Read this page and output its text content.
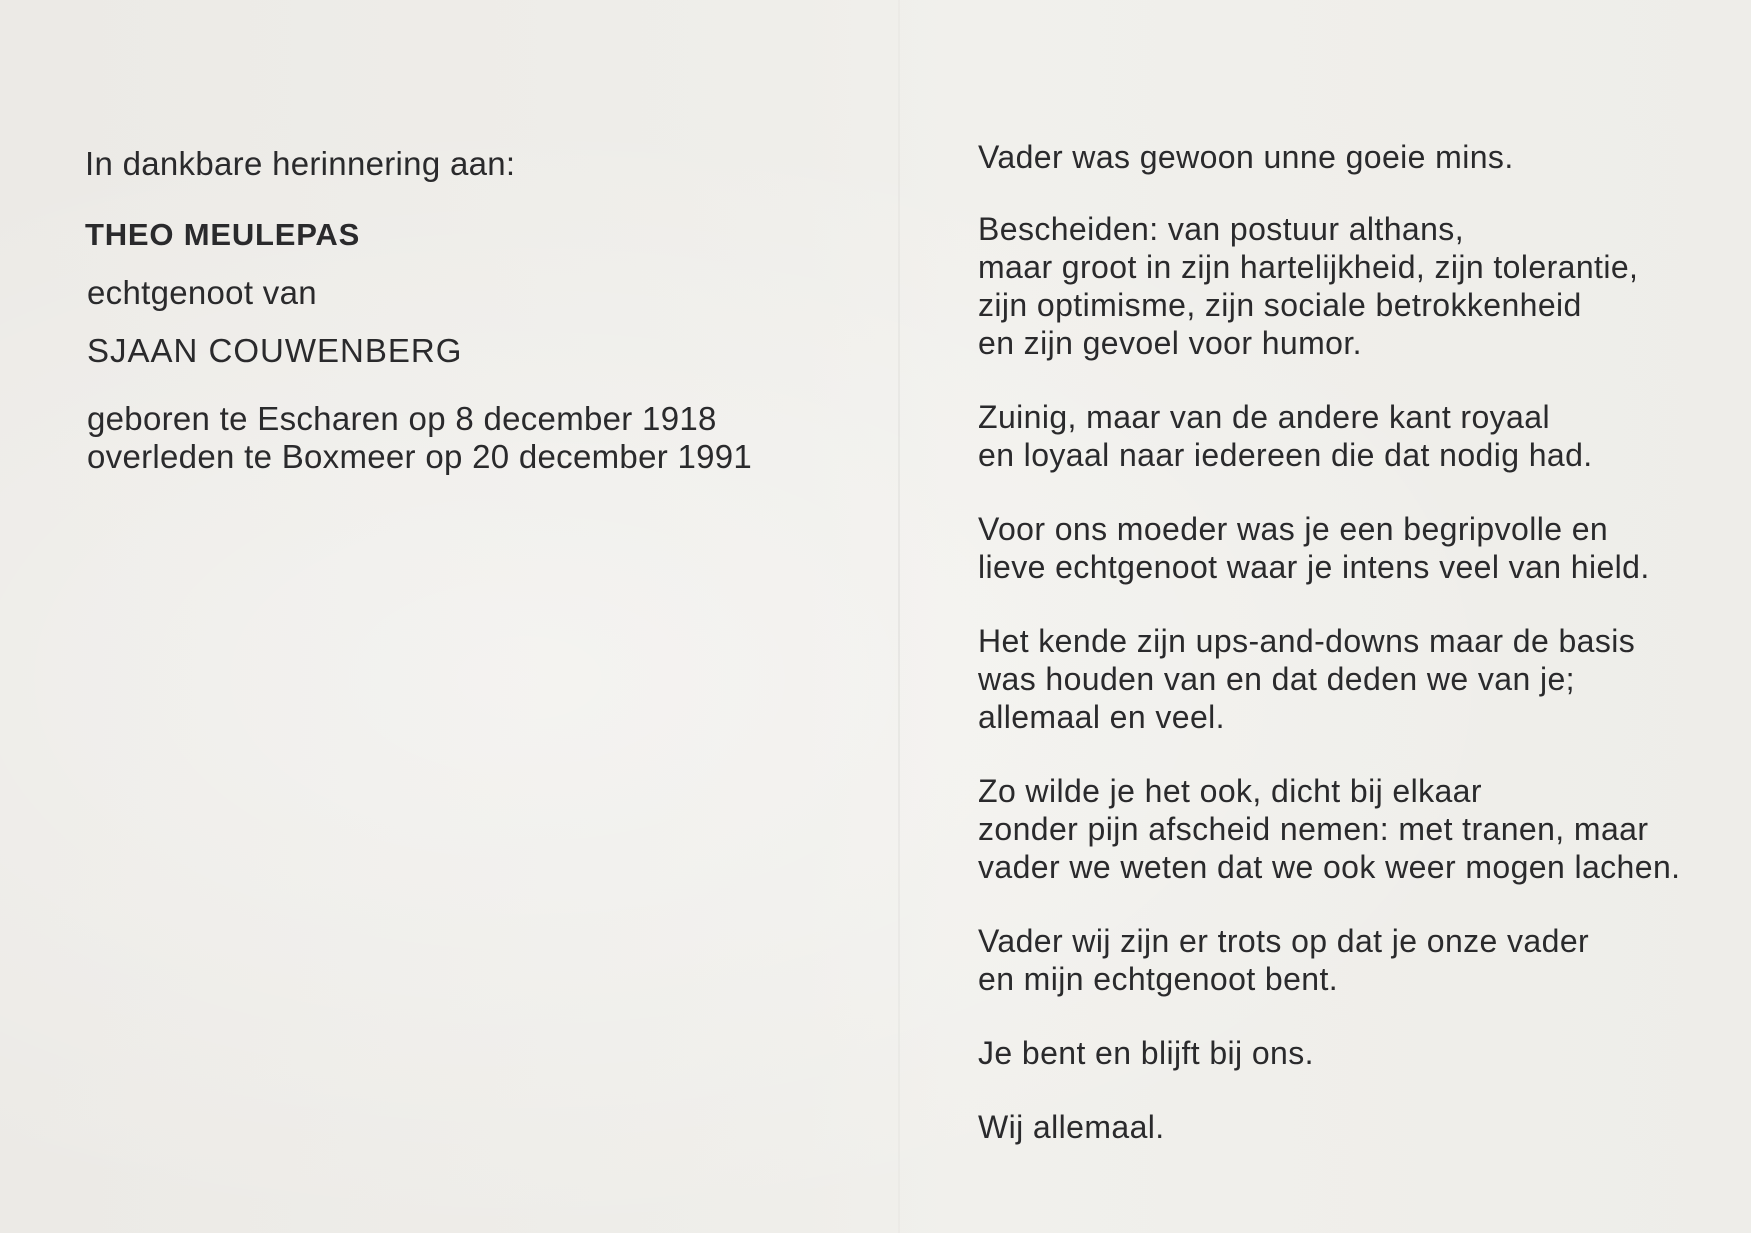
In dankbare herinnering aan:
THEO MEULEPAS
echtgenoot van
SJAAN COUWENBERG
geboren te Escharen op 8 december 1918
overleden te Boxmeer op 20 december 1991
Vader was gewoon unne goeie mins.
Bescheiden: van postuur althans,
maar groot in zijn hartelijkheid, zijn tolerantie,
zijn optimisme, zijn sociale betrokkenheid
en zijn gevoel voor humor.
Zuinig, maar van de andere kant royaal
en loyaal naar iedereen die dat nodig had.
Voor ons moeder was je een begripvolle en
lieve echtgenoot waar je intens veel van hield.
Het kende zijn ups-and-downs maar de basis
was houden van en dat deden we van je;
allemaal en veel.
Zo wilde je het ook, dicht bij elkaar
zonder pijn afscheid nemen: met tranen, maar
vader we weten dat we ook weer mogen lachen.
Vader wij zijn er trots op dat je onze vader
en mijn echtgenoot bent.
Je bent en blijft bij ons.
Wij allemaal.
